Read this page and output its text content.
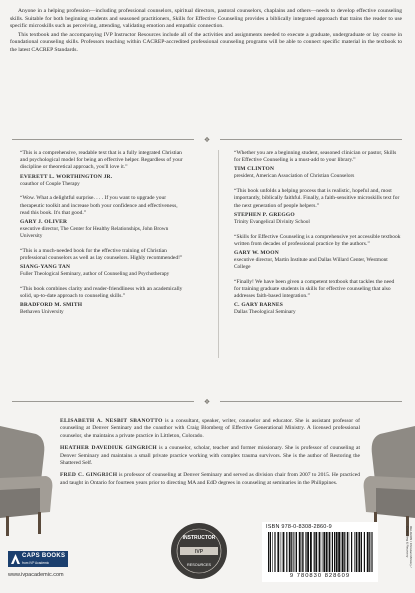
Anyone in a helping profession—including professional counselors, spiritual directors, pastoral counselors, chaplains and others—needs to develop effective counseling skills. Suitable for both beginning students and seasoned practitioners, Skills for Effective Counseling provides a biblically integrated approach that trains the reader to use specific microskills such as perceiving, attending, validating emotion and empathic connection.

This textbook and the accompanying IVP Instructor Resources include all of the activities and assignments needed to execute a graduate, undergraduate or lay course in foundational counseling skills. Professors teaching within CACREP-accredited professional counseling programs will be able to connect specific material in the textbook to the latest CACREP Standards.

❖

“This is a comprehensive, readable text that is a fully integrated Christian and psychological model for being an effective helper. Regardless of your discipline or theoretical approach, you'll love it.”

EVERETT L. WORTHINGTON JR.
coauthor of Couple Therapy

“Wow. What a delightful surprise. . . . If you want to upgrade your therapeutic toolkit and increase both your confidence and effectiveness, read this book. It's that good.”

GARY J. OLIVER
executive director, The Center for Healthy Relationships, John Brown University

“This is a much-needed book for the effective training of Christian professional counselors as well as lay counselors. Highly recommended!”

SIANG-YANG TAN
Fuller Theological Seminary, author of Counseling and Psychotherapy

“This book combines clarity and reader-friendliness with an academically solid, up-to-date approach to counseling skills.”

BRADFORD M. SMITH
Bethaven University

“Whether you are a beginning student, seasoned clinician or pastor, Skills for Effective Counseling is a must-add to your library.”

TIM CLINTON
president, American Association of Christian Counselors

“This book unfolds a helping process that is realistic, hopeful and, most importantly, biblically faithful. Finally, a faith-sensitive microskills text for the next generation of people helpers.”

STEPHEN P. GREGGO
Trinity Evangelical Divinity School

“Skills for Effective Counseling is a comprehensive yet accessible textbook written from decades of professional practice by the authors.”

GARY W. MOON
executive director, Martin Institute and Dallas Willard Center, Westmont College

“Finally! We have been given a competent textbook that tackles the need for training graduate students in skills for effective counseling that also addresses faith-based integration.”

C. GARY BARNES
Dallas Theological Seminary
❖

ELISABETH A. NESBIT SBANOTTO is a consultant, speaker, writer, counselor and educator. She is assistant professor of counseling at Denver Seminary and the coauthor with Craig Blomberg of Effective Generational Ministry. A licensed professional counselor, she maintains a private practice in Littleton, Colorado.

HEATHER DAVEDIUK GINGRICH is a counselor, scholar, teacher and former missionary. She is professor of counseling at Denver Seminary and maintains a small private practice working with complex trauma survivors. She is the author of Restoring the Shattered Self.

FRED C. GINGRICH is professor of counseling at Denver Seminary and served as division chair from 2007 to 2015. He practiced and taught in Ontario for fourteen years prior to directing MA and EdD degrees in counseling at seminaries in the Philippines.

CAPS BOOKS
from IVP Academic
www.ivpacademic.com
INSTRUCTOR
IVP
RESOURCES
ISBN 978-0-8308-2860-9
9 780830 828609
RELIGION / Christian Ministry / Counseling & Recovery
